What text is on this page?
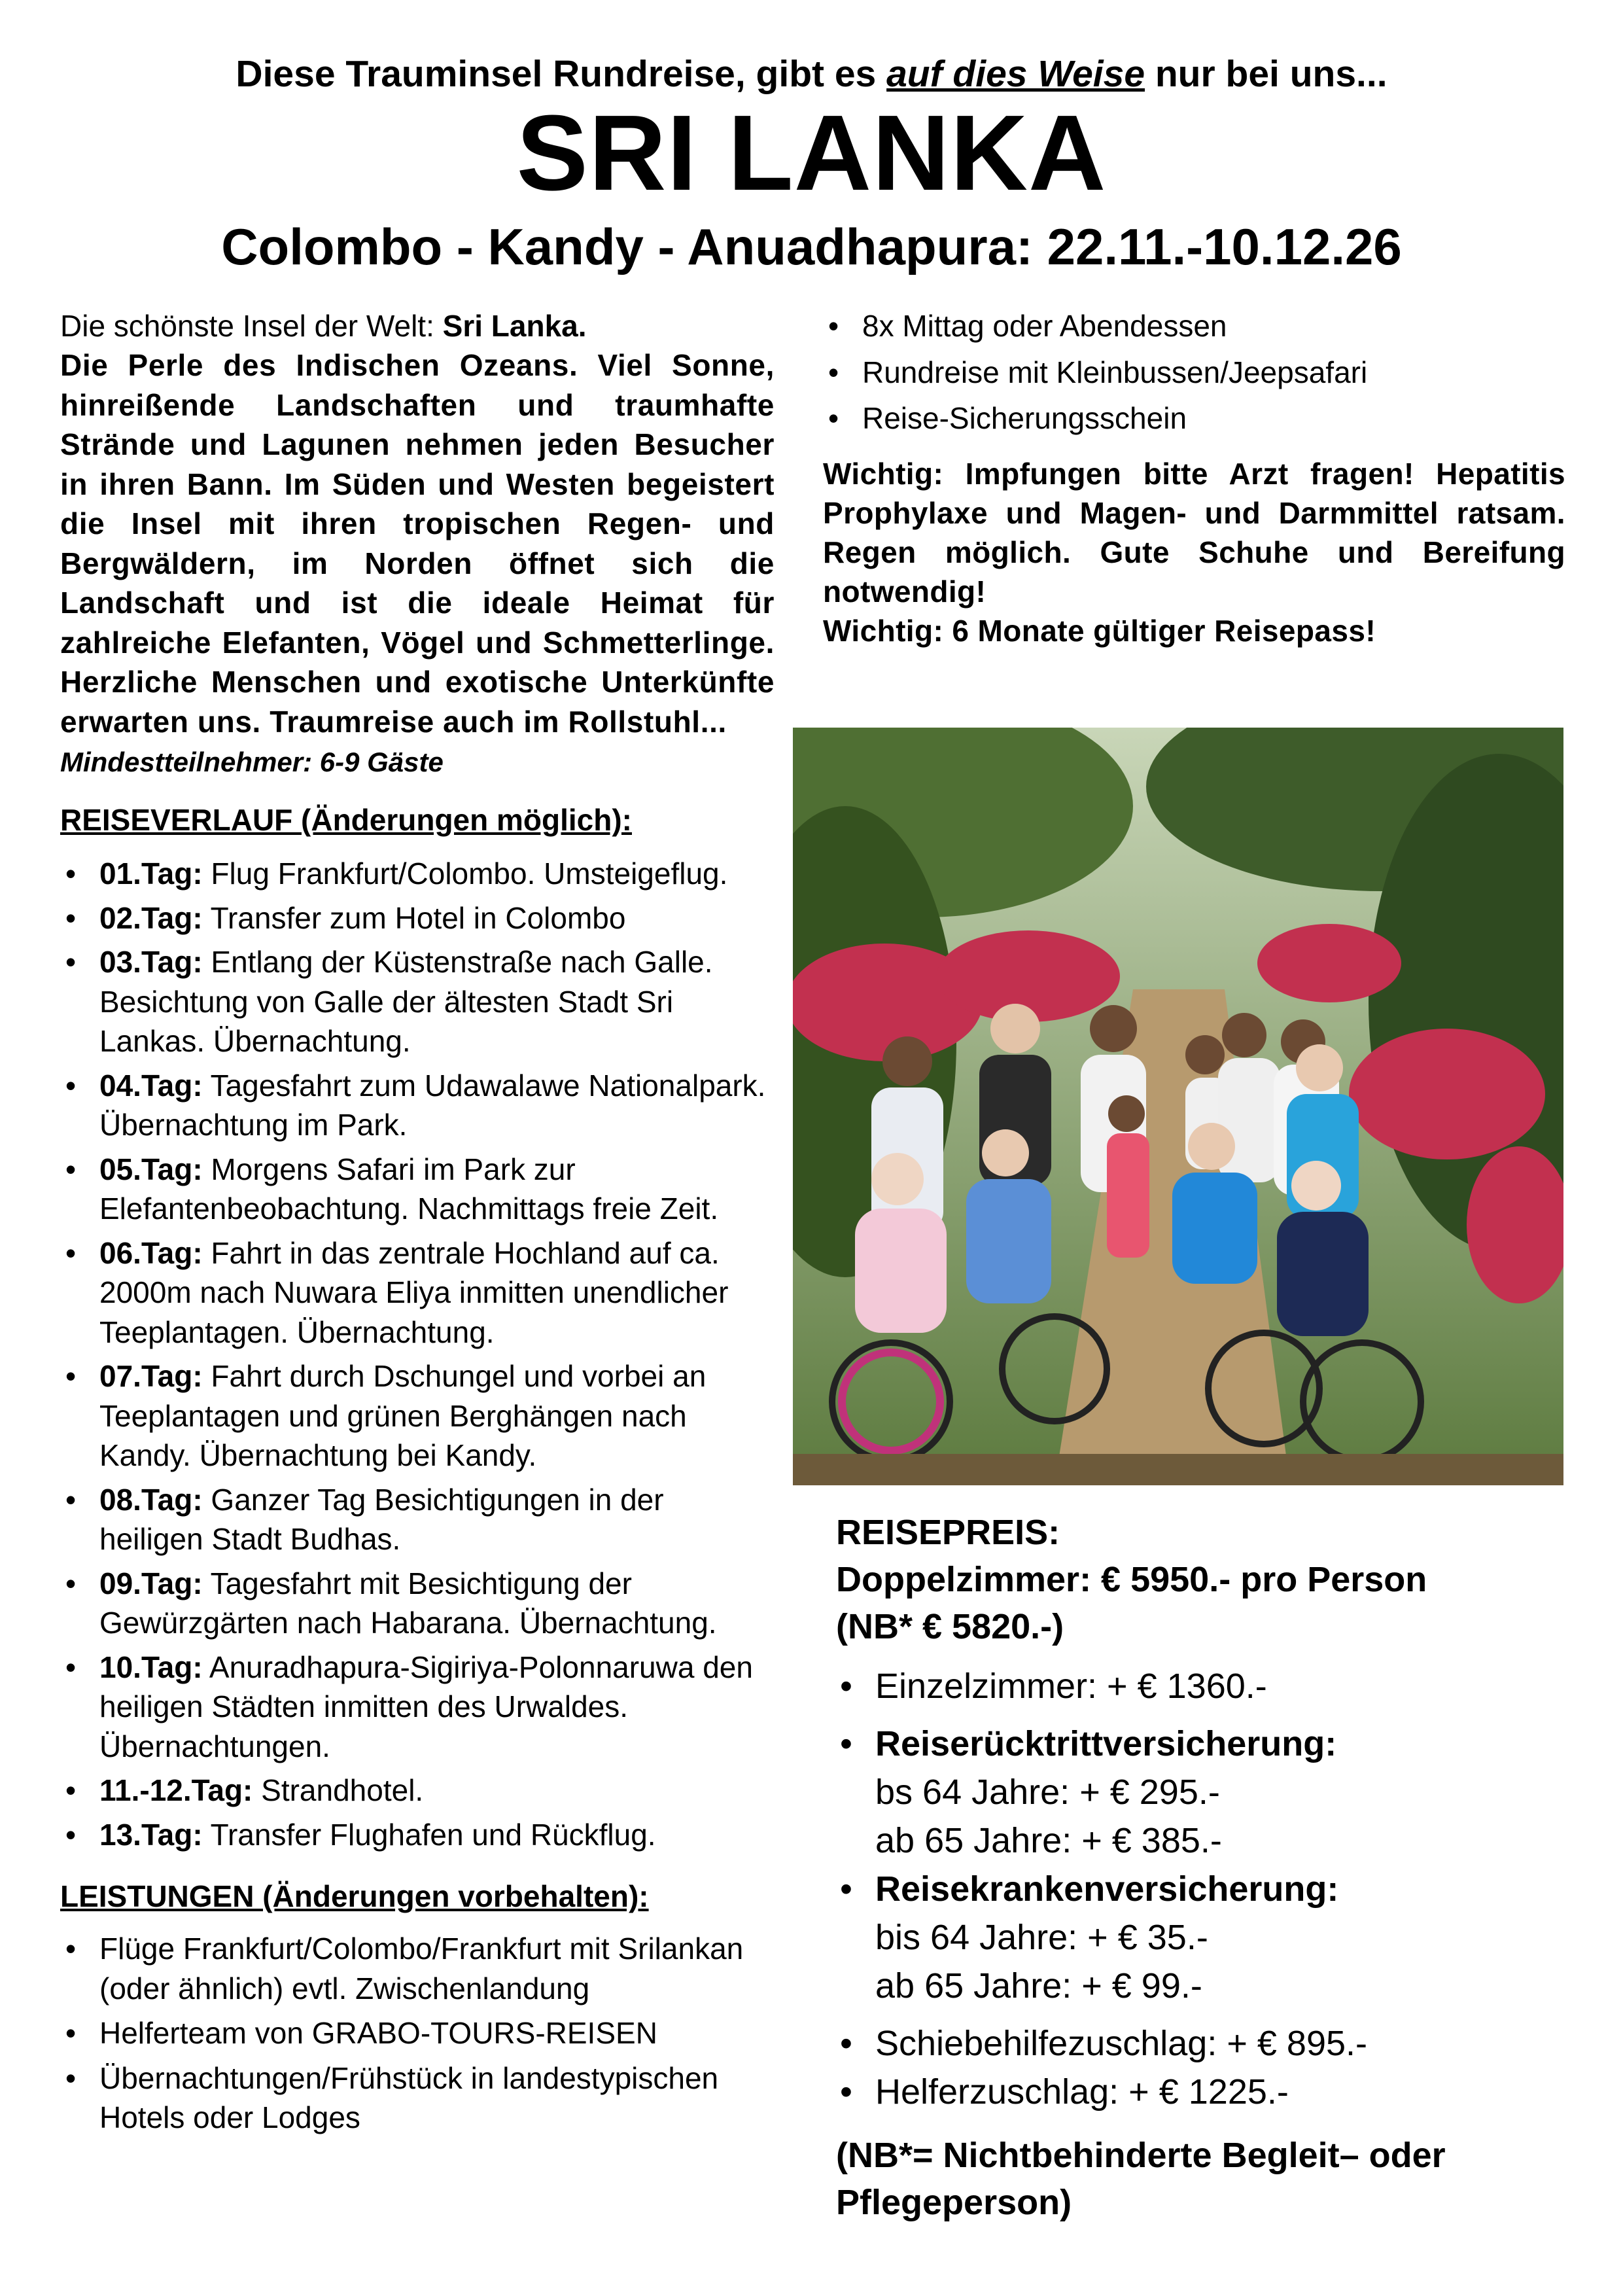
Diese Trauminsel Rundreise, gibt es auf dies Weise nur bei uns...
SRI LANKA
Colombo - Kandy - Anuadhapura: 22.11.-10.12.26
Die schönste Insel der Welt: Sri Lanka.
Die Perle des Indischen Ozeans. Viel Sonne, hinreißende Landschaften und traumhafte Strände und Lagunen nehmen jeden Besucher in ihren Bann. Im Süden und Westen begeistert die Insel mit ihren tropischen Regen- und Bergwäldern, im Norden öffnet sich die Landschaft und ist die ideale Heimat für zahlreiche Elefanten, Vögel und Schmetterlinge. Herzliche Menschen und exotische Unterkünfte erwarten uns. Traumreise auch im Rollstuhl...
Mindestteilnehmer: 6-9 Gäste
REISEVERLAUF (Änderungen möglich):
• 01.Tag: Flug Frankfurt/Colombo. Umsteigeflug.
• 02.Tag: Transfer zum Hotel in Colombo
• 03.Tag: Entlang der Küstenstraße nach Galle. Besichtung von Galle der ältesten Stadt Sri Lankas. Übernachtung.
• 04.Tag: Tagesfahrt zum Udawalawe Nationalpark. Übernachtung im Park.
• 05.Tag: Morgens Safari im Park zur Elefantenbeobachtung. Nachmittags freie Zeit.
• 06.Tag: Fahrt in das zentrale Hochland auf ca. 2000m nach Nuwara Eliya inmitten unendlicher Teeplantagen. Übernachtung.
• 07.Tag: Fahrt durch Dschungel und vorbei an Teeplantagen und grünen Berghängen nach Kandy. Übernachtung bei Kandy.
• 08.Tag: Ganzer Tag Besichtigungen in der heiligen Stadt Budhas.
• 09.Tag: Tagesfahrt mit Besichtigung der Gewürzgärten nach Habarana. Übernachtung.
• 10.Tag: Anuradhapura-Sigiriya-Polonnaruwa den heiligen Städten inmitten des Urwaldes. Übernachtungen.
• 11.-12.Tag: Strandhotel.
• 13.Tag: Transfer Flughafen und Rückflug.
LEISTUNGEN (Änderungen vorbehalten):
• Flüge Frankfurt/Colombo/Frankfurt mit Srilankan (oder ähnlich) evtl. Zwischenlandung
• Helferteam von GRABO-TOURS-REISEN
• Übernachtungen/Frühstück in landestypischen Hotels oder Lodges
• 8x Mittag oder Abendessen
• Rundreise mit Kleinbussen/Jeepsafari
• Reise-Sicherungsschein
Wichtig: Impfungen bitte Arzt fragen! Hepatitis Prophylaxe und Magen- und Darmmittel ratsam. Regen möglich. Gute Schuhe und Bereifung notwendig!
Wichtig: 6 Monate gültiger Reisepass!
REISEPREIS:
Doppelzimmer: € 5950.- pro Person
(NB* € 5820.-)
• Einzelzimmer: + € 1360.-
• Reiserücktrittversicherung:
bs 64 Jahre: + € 295.-
ab 65 Jahre: + € 385.-
• Reisekrankenversicherung:
bis 64 Jahre: + € 35.-
ab 65 Jahre: + € 99.-
• Schiebehilfezuschlag: + € 895.-
• Helferzuschlag: + € 1225.-
(NB*= Nichtbehinderte Begleit– oder Pflegeperson)
